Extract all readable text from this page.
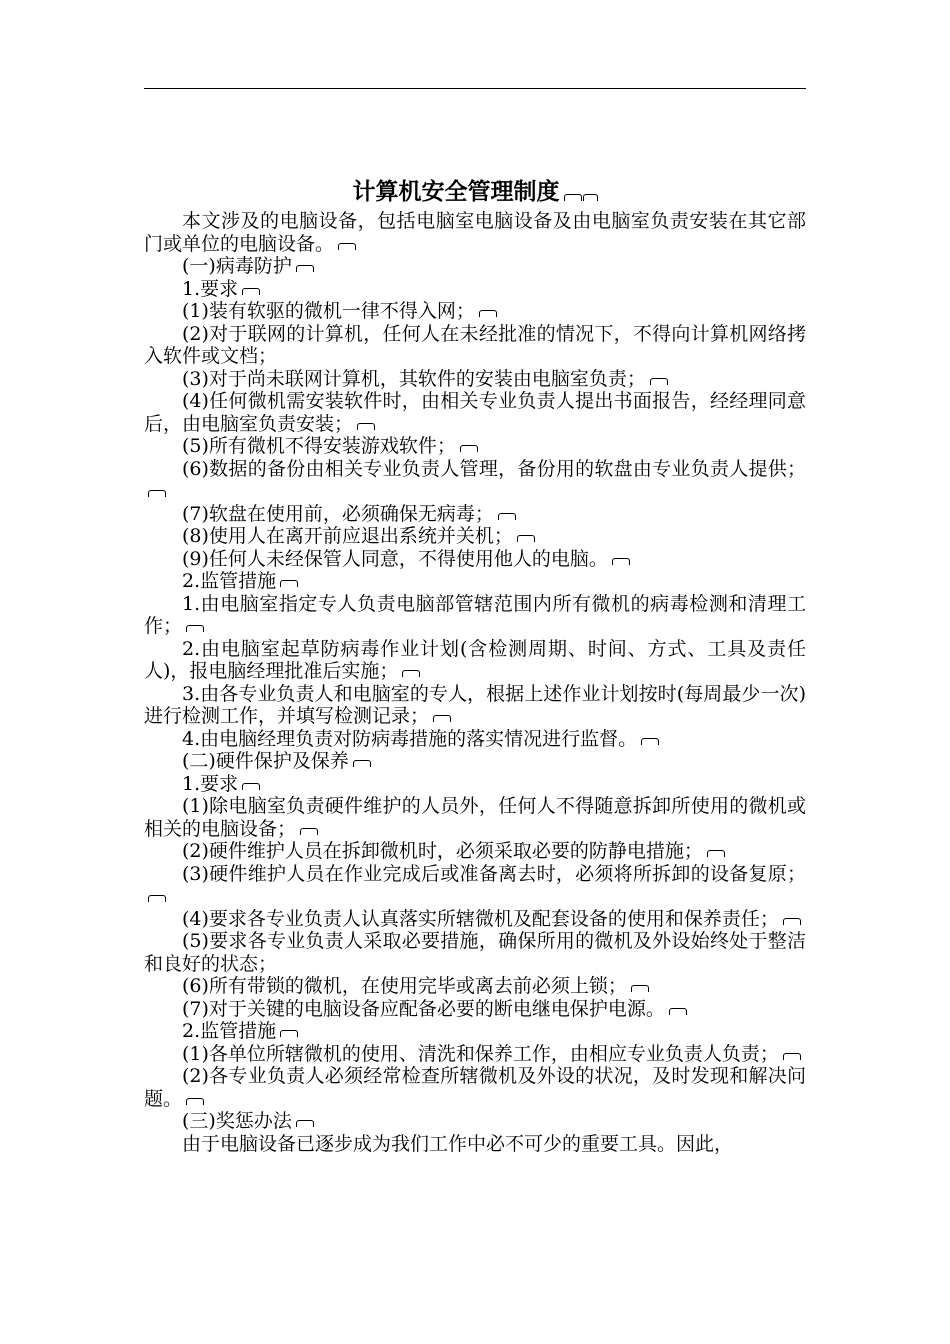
计算机安全管理制度

本文涉及的电脑设备，包括电脑室电脑设备及由电脑室负责安装在其它部门或单位的电脑设备。

(一)病毒防护

1.要求

(1)装有软驱的微机一律不得入网；

(2)对于联网的计算机，任何人在未经批准的情况下，不得向计算机网络拷入软件或文档；

(3)对于尚未联网计算机，其软件的安装由电脑室负责；

(4)任何微机需安装软件时，由相关专业负责人提出书面报告，经经理同意后，由电脑室负责安装；

(5)所有微机不得安装游戏软件；

(6)数据的备份由相关专业负责人管理，备份用的软盘由专业负责人提供；

(7)软盘在使用前，必须确保无病毒；

(8)使用人在离开前应退出系统并关机；

(9)任何人未经保管人同意，不得使用他人的电脑。

2.监管措施

1.由电脑室指定专人负责电脑部管辖范围内所有微机的病毒检测和清理工作；

2.由电脑室起草防病毒作业计划(含检测周期、时间、方式、工具及责任人)，报电脑经理批准后实施；

3.由各专业负责人和电脑室的专人，根据上述作业计划按时(每周最少一次)进行检测工作，并填写检测记录；

4.由电脑经理负责对防病毒措施的落实情况进行监督。

(二)硬件保护及保养

1.要求

(1)除电脑室负责硬件维护的人员外，任何人不得随意拆卸所使用的微机或相关的电脑设备；

(2)硬件维护人员在拆卸微机时，必须采取必要的防静电措施；

(3)硬件维护人员在作业完成后或准备离去时，必须将所拆卸的设备复原；

(4)要求各专业负责人认真落实所辖微机及配套设备的使用和保养责任；

(5)要求各专业负责人采取必要措施，确保所用的微机及外设始终处于整洁和良好的状态；

(6)所有带锁的微机，在使用完毕或离去前必须上锁；

(7)对于关键的电脑设备应配备必要的断电继电保护电源。

2.监管措施

(1)各单位所辖微机的使用、清洗和保养工作，由相应专业负责人负责；

(2)各专业负责人必须经常检查所辖微机及外设的状况，及时发现和解决问题。

(三)奖惩办法

由于电脑设备已逐步成为我们工作中必不可少的重要工具。因此，
